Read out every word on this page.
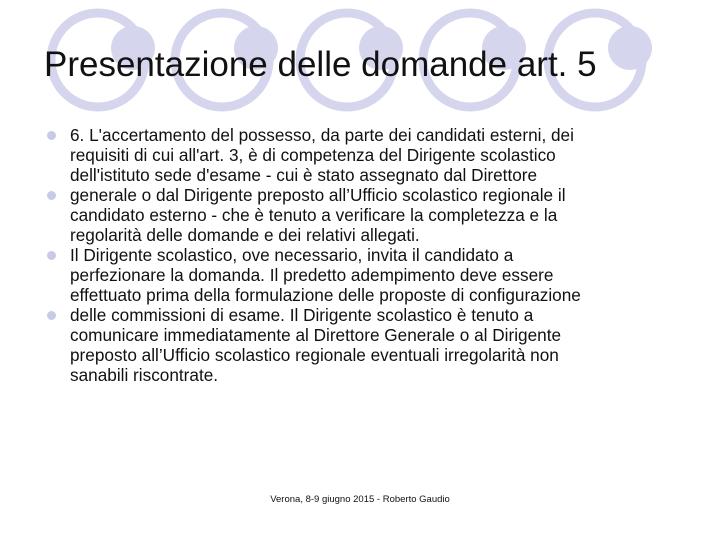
Presentazione delle domande art. 5
6. L'accertamento del possesso, da parte dei candidati esterni, dei
requisiti di cui all'art. 3, è di competenza del Dirigente scolastico
dell'istituto sede d'esame - cui è stato assegnato dal Direttore
generale o dal Dirigente preposto all’Ufficio scolastico regionale il
candidato esterno - che è tenuto a verificare la completezza e la
regolarità delle domande e dei relativi allegati.
Il Dirigente scolastico, ove necessario, invita il candidato a
perfezionare la domanda. Il predetto adempimento deve essere
effettuato prima della formulazione delle proposte di configurazione
delle commissioni di esame. Il Dirigente scolastico è tenuto a
comunicare immediatamente al Direttore Generale o al Dirigente
preposto all’Ufficio scolastico regionale eventuali irregolarità non
sanabili riscontrate.
Verona, 8-9 giugno 2015 - Roberto Gaudio
